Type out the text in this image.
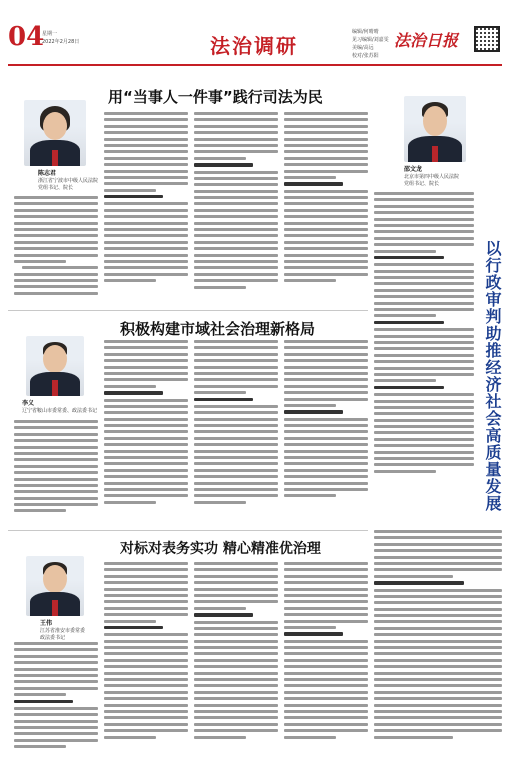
04
星期一
2022年2月28日	法治调研
编辑/何晴晴
见习编辑/刘嘉雯
美编/高远
校对/张苏阳
法治日报
用“当事人一件事”践行司法为民
陈志君
浙江省宁波市中级人民法院
党组书记、院长
邵文龙
北京市第四中级人民法院
党组书记、院长
以行政审判助推经济社会高质量发展
积极构建市域社会治理新格局
李义
辽宁省鞍山市委常委、政法委书记
对标对表务实功 精心精准优治理
王伟
江苏省淮安市委常委
政法委书记
